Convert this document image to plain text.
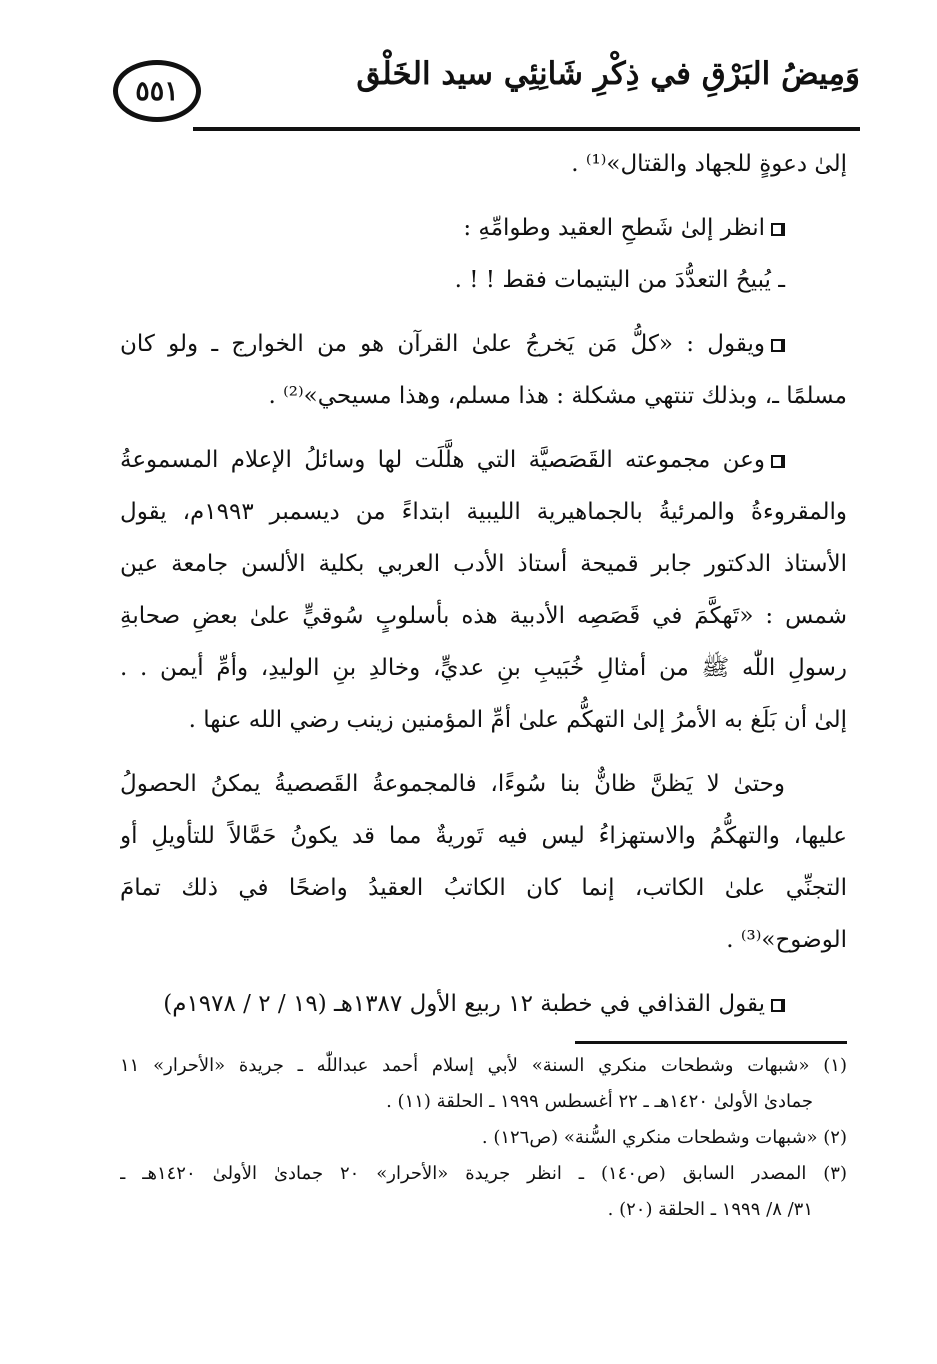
٥٥١	وَمِيضُ البَرْقِ في ذِكْرِ شَانِئِي سيد الخَلْق
إلىٰ دعوةٍ للجهاد والقتال»⁽¹⁾ .
انظر إلىٰ شَطحِ العقيد وطوامِّهِ :
ـ يُبيحُ التعدُّدَ من اليتيمات فقط ! ! .
ويقول : «كلُّ مَن يَخرجُ علىٰ القرآن هو من الخوارج ـ ولو كان
مسلمًا ـ، وبذلك تنتهي مشكلة : هذا مسلم، وهذا مسيحي»⁽²⁾ .
وعن مجموعته القَصَصيَّة التي هلَّلَت لها وسائلُ الإعلام المسموعةُ
والمقروءةُ والمرئيةُ بالجماهيرية الليبية ابتداءً من ديسمبر ١٩٩٣م، يقول
الأستاذ الدكتور جابر قميحة أستاذ الأدب العربي بكلية الألسن جامعة عين
شمس : «تَهكَّمَ في قَصَصِه الأدبية هذه بأسلوبٍ سُوقيٍّ علىٰ بعضِ صحابةِ
رسولِ اللّٰه ﷺ من أمثالِ خُبَيبِ بنِ عديٍّ، وخالدِ بنِ الوليدِ، وأمِّ أيمن . .
إلىٰ أن بَلَغ به الأمرُ إلىٰ التهكُّم علىٰ أمِّ المؤمنين زينب رضي الله عنها .
وحتىٰ لا يَظنَّ ظانٌّ بنا سُوءًا، فالمجموعةُ القَصصيةُ يمكنُ الحصولُ
عليها، والتهكُّمُ والاستهزاءُ ليس فيه تَوريةٌ مما قد يكونُ حَمَّالاً للتأويلِ أو
التجنِّي علىٰ الكاتب، إنما كان الكاتبُ العقيدُ واضحًا في ذلك تمامَ
الوضوح»⁽³⁾ .
يقول القذافي في خطبة ١٢ ربيع الأول ١٣٨٧هـ (١٩ / ٢ / ١٩٧٨م)
(١) «شبهات وشطحات منكري السنة» لأبي إسلام أحمد عبداللّٰه ـ جريدة «الأحرار» ١١
جمادىٰ الأولىٰ ١٤٢٠هـ ـ ٢٢ أغسطس ١٩٩٩ ـ الحلقة (١١) .
(٢) «شبهات وشطحات منكري السُّنة» (ص١٢٦) .
(٣) المصدر السابق (ص١٤٠) ـ انظر جريدة «الأحرار» ٢٠ جمادىٰ الأولىٰ ١٤٢٠هـ ـ
٣١/ ٨/ ١٩٩٩ ـ الحلقة (٢٠) .
